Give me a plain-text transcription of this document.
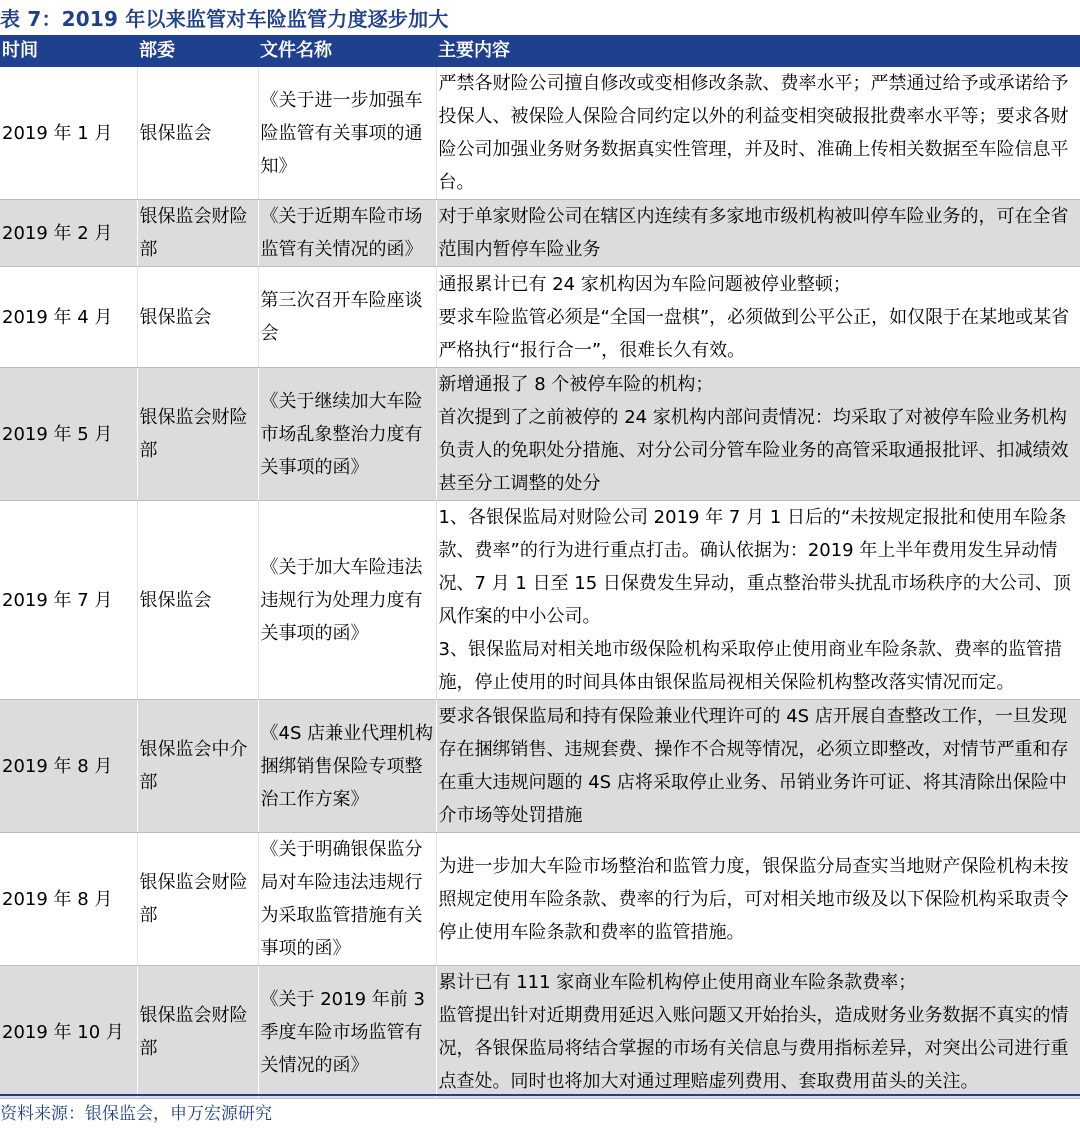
表 7：2019 年以来监管对车险监管力度逐步加大
时间	部委	文件名称	主要内容
2019 年 1 月	银保监会	《关于进一步加强车险监管有关事项的通知》	严禁各财险公司擅自修改或变相修改条款、费率水平；严禁通过给予或承诺给予投保人、被保险人保险合同约定以外的利益变相突破报批费率水平等；要求各财险公司加强业务财务数据真实性管理，并及时、准确上传相关数据至车险信息平台。

2019 年 2 月	银保监会财险部	《关于近期车险市场监管有关情况的函》	对于单家财险公司在辖区内连续有多家地市级机构被叫停车险业务的，可在全省范围内暂停车险业务

2019 年 4 月	银保监会	第三次召开车险座谈会	通报累计已有 24 家机构因为车险问题被停业整顿；
要求车险监管必须是“全国一盘棋”，必须做到公平公正，如仅限于在某地或某省严格执行“报行合一”，很难长久有效。

2019 年 5 月	银保监会财险部	《关于继续加大车险市场乱象整治力度有关事项的函》	新增通报了 8 个被停车险的机构；
首次提到了之前被停的 24 家机构内部问责情况：均采取了对被停车险业务机构负责人的免职处分措施、对分公司分管车险业务的高管采取通报批评、扣减绩效甚至分工调整的处分

2019 年 7 月	银保监会	《关于加大车险违法违规行为处理力度有关事项的函》	1、各银保监局对财险公司 2019 年 7 月 1 日后的“未按规定报批和使用车险条款、费率”的行为进行重点打击。确认依据为：2019 年上半年费用发生异动情况、7 月 1 日至 15 日保费发生异动，重点整治带头扰乱市场秩序的大公司、顶风作案的中小公司。
3、银保监局对相关地市级保险机构采取停止使用商业车险条款、费率的监管措施，停止使用的时间具体由银保监局视相关保险机构整改落实情况而定。

2019 年 8 月	银保监会中介部	《4S 店兼业代理机构捆绑销售保险专项整治工作方案》	要求各银保监局和持有保险兼业代理许可的 4S 店开展自查整改工作，一旦发现存在捆绑销售、违规套费、操作不合规等情况，必须立即整改，对情节严重和存在重大违规问题的 4S 店将采取停止业务、吊销业务许可证、将其清除出保险中介市场等处罚措施

2019 年 8 月	银保监会财险部	《关于明确银保监分局对车险违法违规行为采取监管措施有关事项的函》	为进一步加大车险市场整治和监管力度，银保监分局查实当地财产保险机构未按照规定使用车险条款、费率的行为后，可对相关地市级及以下保险机构采取责令停止使用车险条款和费率的监管措施。

2019 年 10 月	银保监会财险部	《关于 2019 年前 3 季度车险市场监管有关情况的函》	累计已有 111 家商业车险机构停止使用商业车险条款费率；
监管提出针对近期费用延迟入账问题又开始抬头，造成财务业务数据不真实的情况，各银保监局将结合掌握的市场有关信息与费用指标差异，对突出公司进行重点查处。同时也将加大对通过理赔虚列费用、套取费用苗头的关注。
资料来源：银保监会，申万宏源研究
